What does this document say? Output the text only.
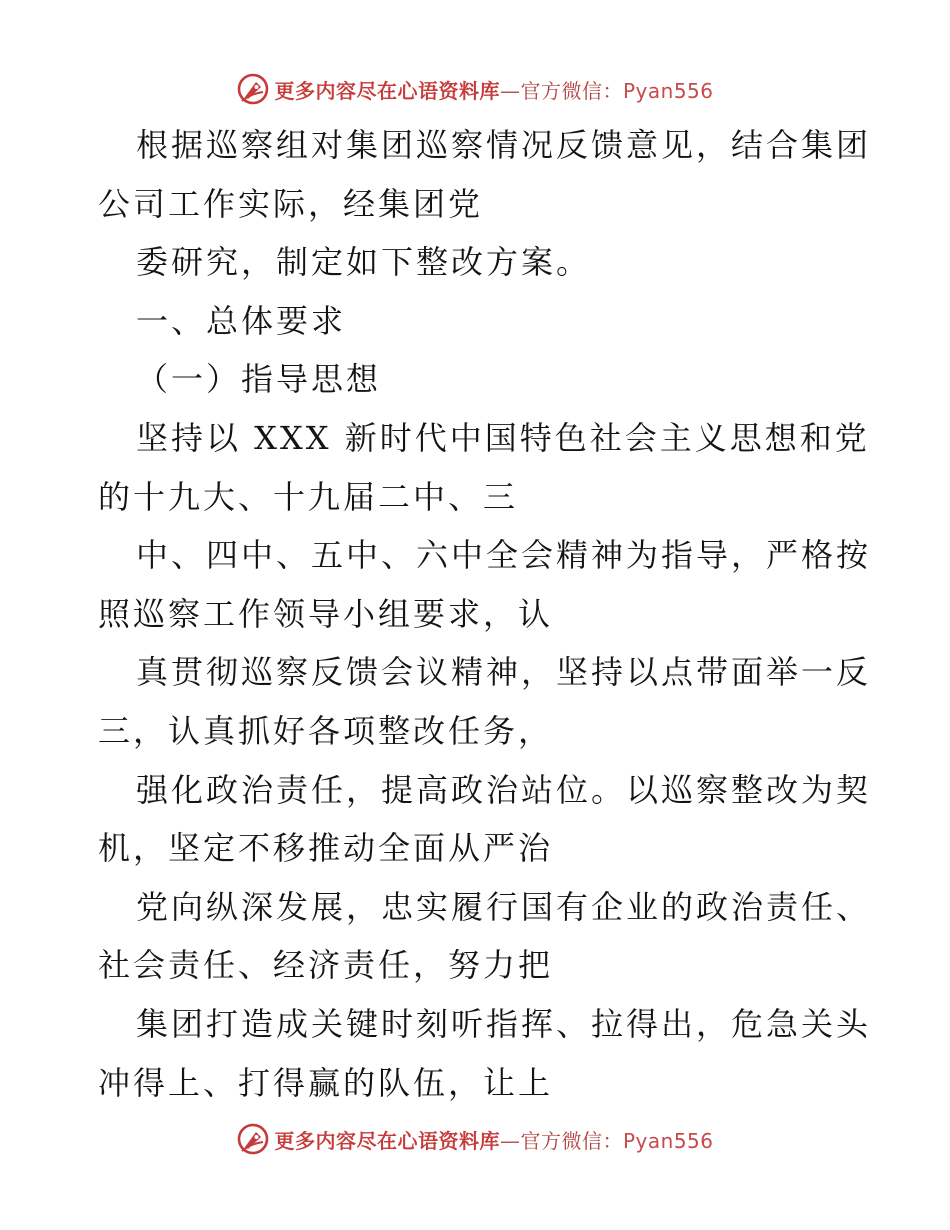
更多内容尽在心语资料库—官方微信：Pyan556
根据巡察组对集团巡察情况反馈意见，结合集团
公司工作实际，经集团党
委研究，制定如下整改方案。
一、总体要求
（一）指导思想
坚持以 XXX 新时代中国特色社会主义思想和党
的十九大、十九届二中、三
中、四中、五中、六中全会精神为指导，严格按
照巡察工作领导小组要求，认
真贯彻巡察反馈会议精神，坚持以点带面举一反
三，认真抓好各项整改任务，
强化政治责任，提高政治站位。以巡察整改为契
机，坚定不移推动全面从严治
党向纵深发展，忠实履行国有企业的政治责任、
社会责任、经济责任，努力把
集团打造成关键时刻听指挥、拉得出，危急关头
冲得上、打得赢的队伍，让上
更多内容尽在心语资料库—官方微信：Pyan556
